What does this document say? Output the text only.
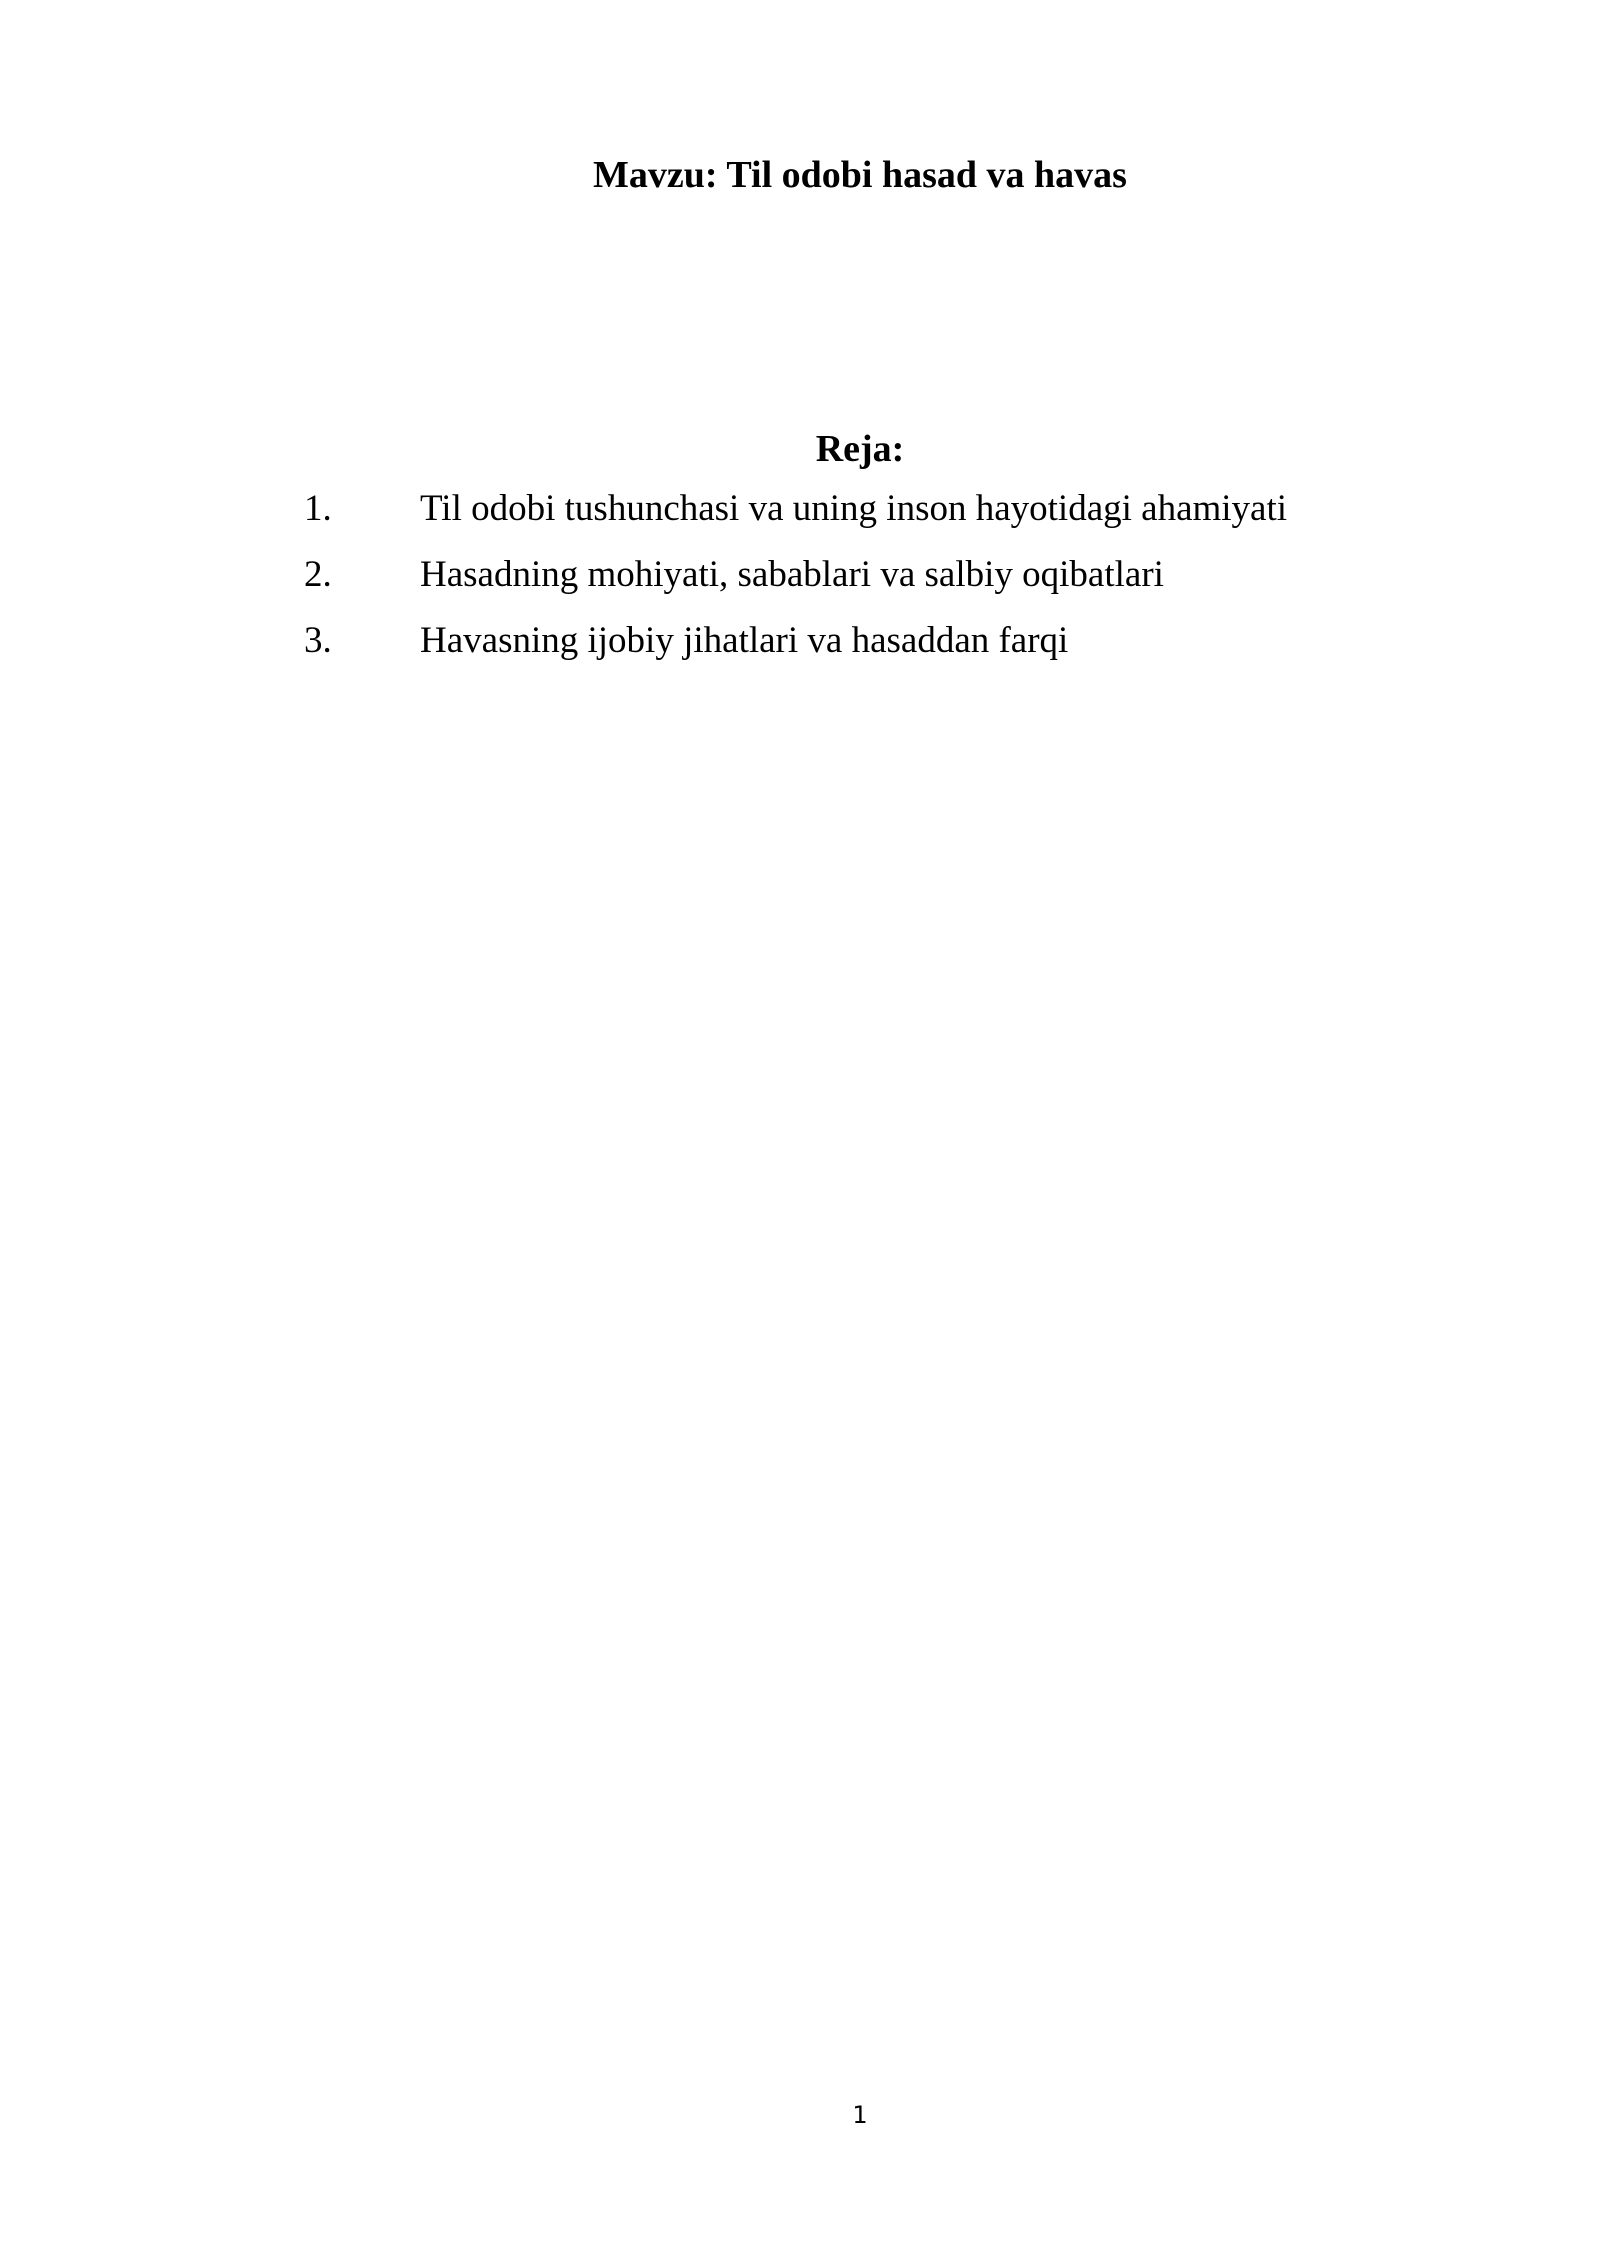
Mavzu: Til odobi hasad va havas
Reja:
1.	Til odobi tushunchasi va uning inson hayotidagi ahamiyati
2.	Hasadning mohiyati, sabablari va salbiy oqibatlari
3.	Havasning ijobiy jihatlari va hasaddan farqi
1
